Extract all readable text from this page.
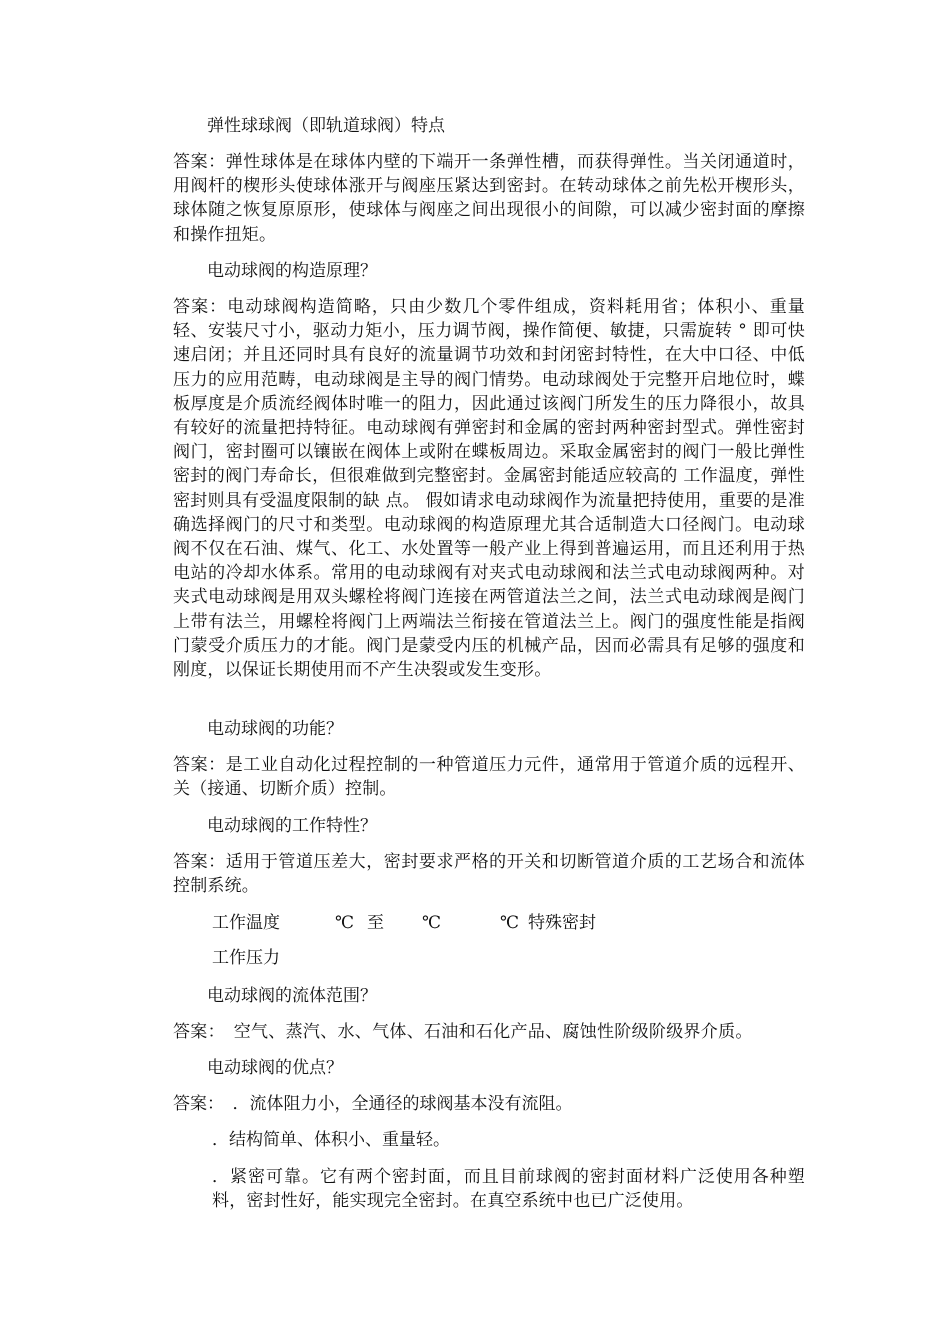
弹性球球阀（即轨道球阀）特点
答案：弹性球体是在球体内壁的下端开一条弹性槽，而获得弹性。当关闭通道时，用阀杆的楔形头使球体涨开与阀座压紧达到密封。在转动球体之前先松开楔形头，球体随之恢复原原形，使球体与阀座之间出现很小的间隙，可以减少密封面的摩擦和操作扭矩。
电动球阀的构造原理？
答案：电动球阀构造简略，只由少数几个零件组成，资料耗用省；体积小、重量轻、安装尺寸小，驱动力矩小，压力调节阀，操作简便、敏捷，只需旋转 ° 即可快速启闭；并且还同时具有良好的流量调节功效和封闭密封特性，在大中口径、中低压力的应用范畴，电动球阀是主导的阀门情势。电动球阀处于完整开启地位时，蝶板厚度是介质流经阀体时唯一的阻力，因此通过该阀门所发生的压力降很小，故具有较好的流量把持特征。电动球阀有弹密封和金属的密封两种密封型式。弹性密封阀门，密封圈可以镶嵌在阀体上或附在蝶板周边。采取金属密封的阀门一般比弹性密封的阀门寿命长，但很难做到完整密封。金属密封能适应较高的 工作温度，弹性密封则具有受温度限制的缺 点。 假如请求电动球阀作为流量把持使用，重要的是准确选择阀门的尺寸和类型。电动球阀的构造原理尤其合适制造大口径阀门。电动球阀不仅在石油、煤气、化工、水处置等一般产业上得到普遍运用，而且还利用于热电站的冷却水体系。常用的电动球阀有对夹式电动球阀和法兰式电动球阀两种。对夹式电动球阀是用双头螺栓将阀门连接在两管道法兰之间，法兰式电动球阀是阀门上带有法兰，用螺栓将阀门上两端法兰衔接在管道法兰上。阀门的强度性能是指阀门蒙受介质压力的才能。阀门是蒙受内压的机械产品，因而必需具有足够的强度和刚度，以保证长期使用而不产生决裂或发生变形。
电动球阀的功能？
答案：是工业自动化过程控制的一种管道压力元件，通常用于管道介质的远程开、关（接通、切断介质）控制。
电动球阀的工作特性？
答案：适用于管道压差大，密封要求严格的开关和切断管道介质的工艺场合和流体控制系统。
工作温度	℃ 至 ℃	℃ 特殊密封
工作压力
电动球阀的流体范围？
答案：　空气、蒸汽、水、气体、石油和石化产品、腐蚀性阶级阶级界介质。
电动球阀的优点？
答案：　．流体阻力小，全通径的球阀基本没有流阻。
．结构简单、体积小、重量轻。
．紧密可靠。它有两个密封面，而且目前球阀的密封面材料广泛使用各种塑料，密封性好，能实现完全密封。在真空系统中也已广泛使用。
